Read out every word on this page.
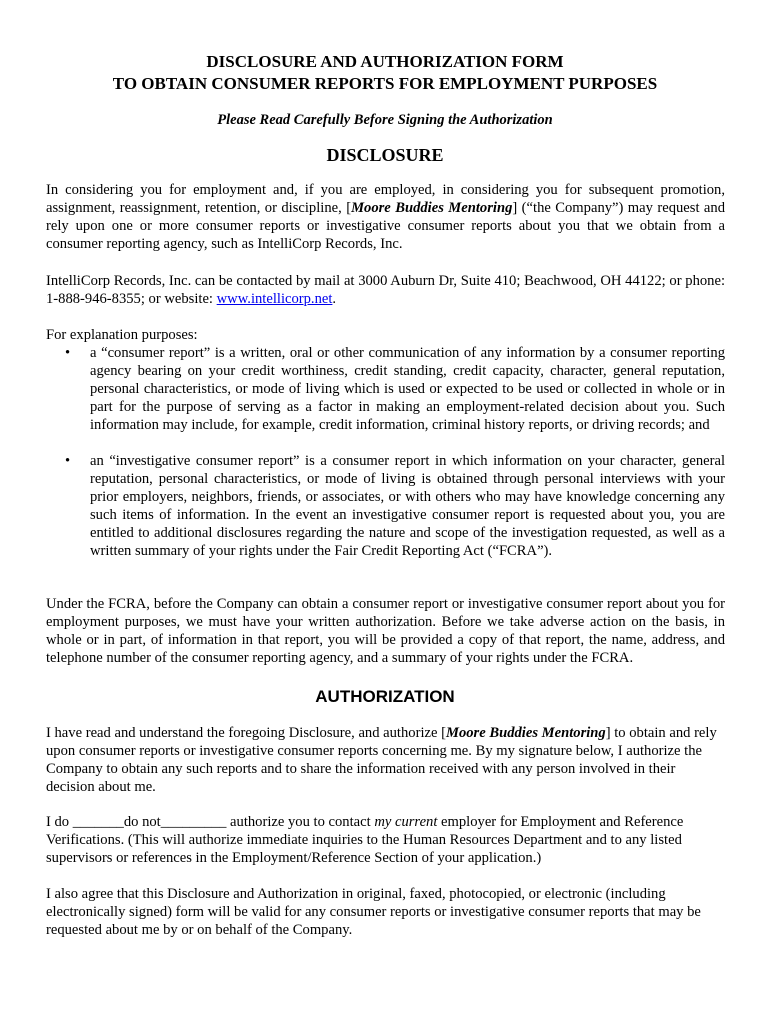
DISCLOSURE AND AUTHORIZATION FORM
TO OBTAIN CONSUMER REPORTS FOR EMPLOYMENT PURPOSES
Please Read Carefully Before Signing the Authorization
DISCLOSURE
In considering you for employment and, if you are employed, in considering you for subsequent promotion, assignment, reassignment, retention, or discipline, [Moore Buddies Mentoring] (“the Company”) may request and rely upon one or more consumer reports or investigative consumer reports about you that we obtain from a consumer reporting agency, such as IntelliCorp Records, Inc.
IntelliCorp Records, Inc. can be contacted by mail at 3000 Auburn Dr, Suite 410; Beachwood, OH 44122; or phone: 1-888-946-8355; or website: www.intellicorp.net.
For explanation purposes:
• a “consumer report” is a written, oral or other communication of any information by a consumer reporting agency bearing on your credit worthiness, credit standing, credit capacity, character, general reputation, personal characteristics, or mode of living which is used or expected to be used or collected in whole or in part for the purpose of serving as a factor in making an employment-related decision about you. Such information may include, for example, credit information, criminal history reports, or driving records; and
• an “investigative consumer report” is a consumer report in which information on your character, general reputation, personal characteristics, or mode of living is obtained through personal interviews with your prior employers, neighbors, friends, or associates, or with others who may have knowledge concerning any such items of information. In the event an investigative consumer report is requested about you, you are entitled to additional disclosures regarding the nature and scope of the investigation requested, as well as a written summary of your rights under the Fair Credit Reporting Act (“FCRA”).
Under the FCRA, before the Company can obtain a consumer report or investigative consumer report about you for employment purposes, we must have your written authorization. Before we take adverse action on the basis, in whole or in part, of information in that report, you will be provided a copy of that report, the name, address, and telephone number of the consumer reporting agency, and a summary of your rights under the FCRA.
AUTHORIZATION
I have read and understand the foregoing Disclosure, and authorize [Moore Buddies Mentoring] to obtain and rely upon consumer reports or investigative consumer reports concerning me. By my signature below, I authorize the Company to obtain any such reports and to share the information received with any person involved in their decision about me.
I do _______do not_________ authorize you to contact my current employer for Employment and Reference Verifications. (This will authorize immediate inquiries to the Human Resources Department and to any listed supervisors or references in the Employment/Reference Section of your application.)
I also agree that this Disclosure and Authorization in original, faxed, photocopied, or electronic (including electronically signed) form will be valid for any consumer reports or investigative consumer reports that may be requested about me by or on behalf of the Company.
